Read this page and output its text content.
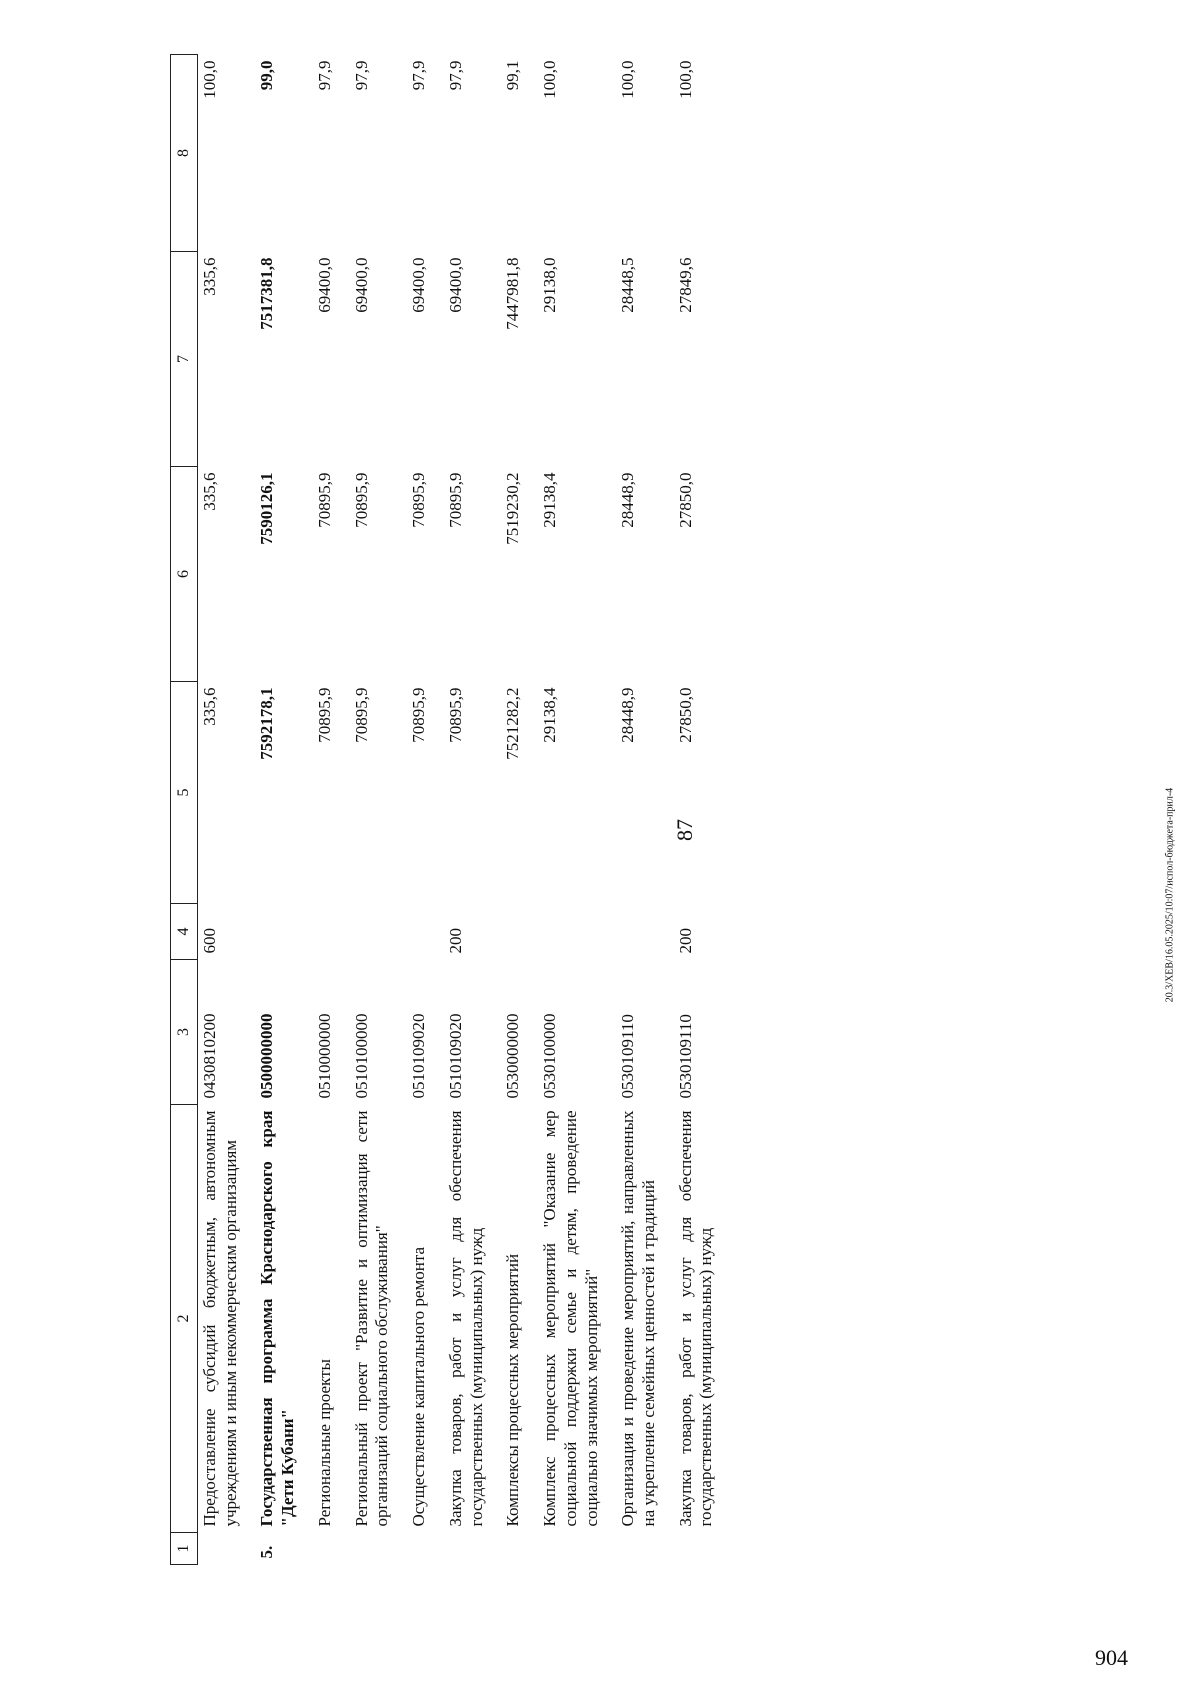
87	20.3/ХЕВ/16.05.2025/10:07/испол-бюджета-прил-4
904
1	2	3	4	5	6	7	8
	Предоставление субсидий бюджетным, автономным учреждениям и иным некоммерческим организациям	0430810200	600	335,6	335,6	335,6	100,0
5.	Государственная программа Краснодарского края "Дети Кубани"	0500000000		7592178,1	7590126,1	7517381,8	99,0
	Региональные проекты	0510000000		70895,9	70895,9	69400,0	97,9
	Региональный проект "Развитие и оптимизация сети организаций социального обслуживания"	0510100000		70895,9	70895,9	69400,0	97,9
	Осуществление капитального ремонта	0510109020		70895,9	70895,9	69400,0	97,9
	Закупка товаров, работ и услуг для обеспечения государственных (муниципальных) нужд	0510109020	200	70895,9	70895,9	69400,0	97,9
	Комплексы процессных мероприятий	0530000000		7521282,2	7519230,2	7447981,8	99,1
	Комплекс процессных мероприятий "Оказание мер социальной поддержки семье и детям, проведение социально значимых мероприятий"	0530100000		29138,4	29138,4	29138,0	100,0
	Организация и проведение мероприятий, направленных на укрепление семейных ценностей и традиций	0530109110		28448,9	28448,9	28448,5	100,0
	Закупка товаров, работ и услуг для обеспечения государственных (муниципальных) нужд	0530109110	200	27850,0	27850,0	27849,6	100,0
